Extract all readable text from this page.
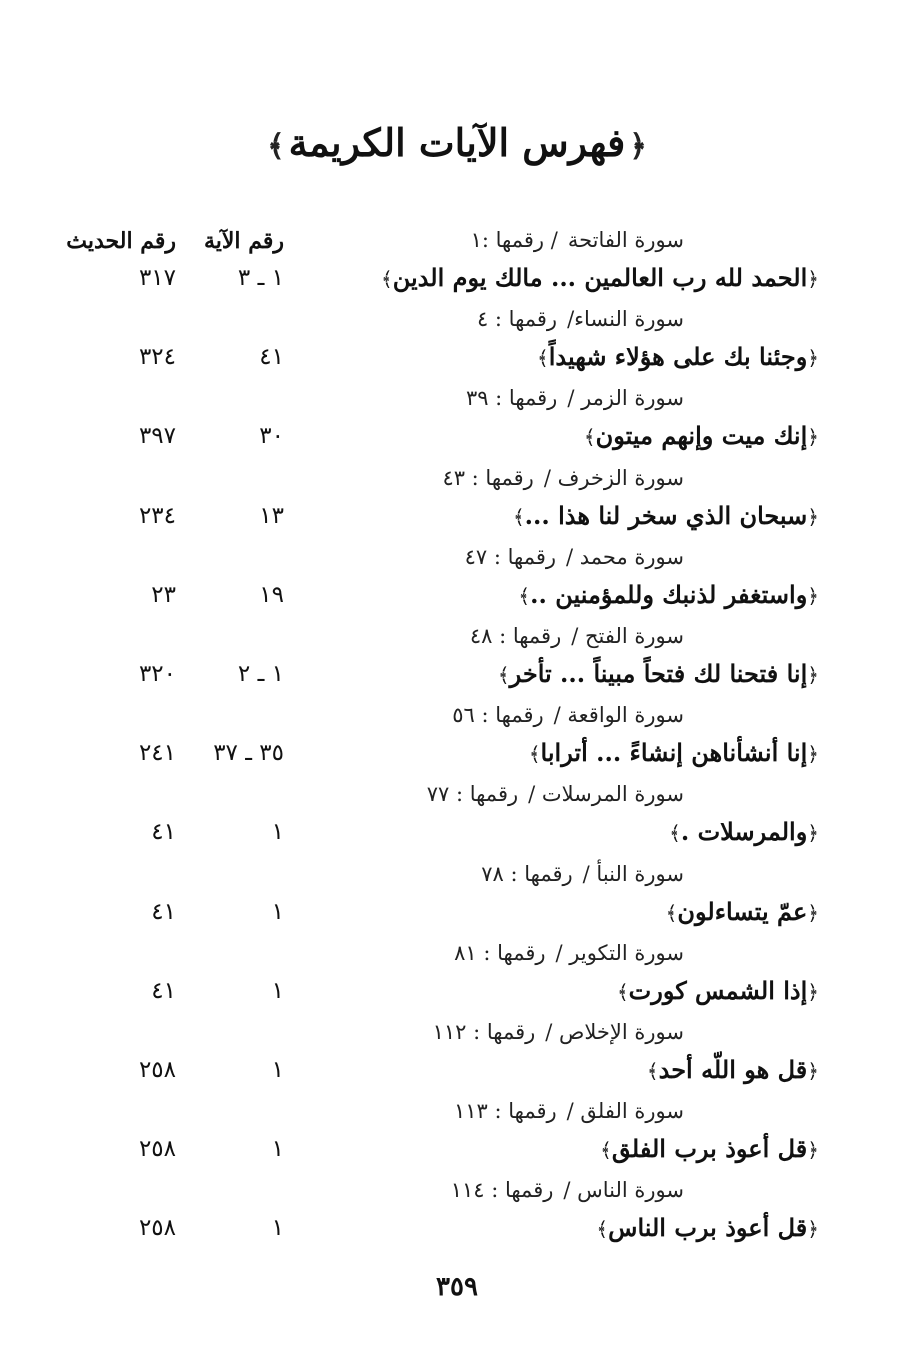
﴿فهرس الآيات الكريمة﴾
رقم الآية
رقم الحديث	سورة الفاتحة/ رقمها :١
﴿الحمد لله رب العالمين ... مالك يوم الدين﴾
١ ـ ٣
٣١٧
سورة النساء/رقمها : ٤
﴿وجئنا بك على هؤلاء شهيداً﴾
٤١
٣٢٤
سورة الزمر /رقمها : ٣٩
﴿إنك ميت وإنهم ميتون﴾
٣٠
٣٩٧
سورة الزخرف /رقمها : ٤٣
﴿سبحان الذي سخر لنا هذا ...﴾
١٣
٢٣٤
سورة محمد /رقمها : ٤٧
﴿واستغفر لذنبك وللمؤمنين ..﴾
١٩
٢٣
سورة الفتح /رقمها : ٤٨
﴿إنا فتحنا لك فتحاً مبيناً ... تأخر﴾
١ ـ ٢
٣٢٠
سورة الواقعة /رقمها : ٥٦
﴿إنا أنشأناهن إنشاءً ... أترابا﴾
٣٥ ـ ٣٧
٢٤١
سورة المرسلات /رقمها : ٧٧
﴿والمرسلات .﴾
١
٤١
سورة النبأ /رقمها : ٧٨
﴿عمّ يتساءلون﴾
١
٤١
سورة التكوير /رقمها : ٨١
﴿إذا الشمس كورت﴾
١
٤١
سورة الإخلاص /رقمها : ١١٢
﴿قل هو اللّه أحد﴾
١
٢٥٨
سورة الفلق /رقمها : ١١٣
﴿قل أعوذ برب الفلق﴾
١
٢٥٨
سورة الناس /رقمها : ١١٤
﴿قل أعوذ برب الناس﴾
١
٢٥٨
٣٥٩
